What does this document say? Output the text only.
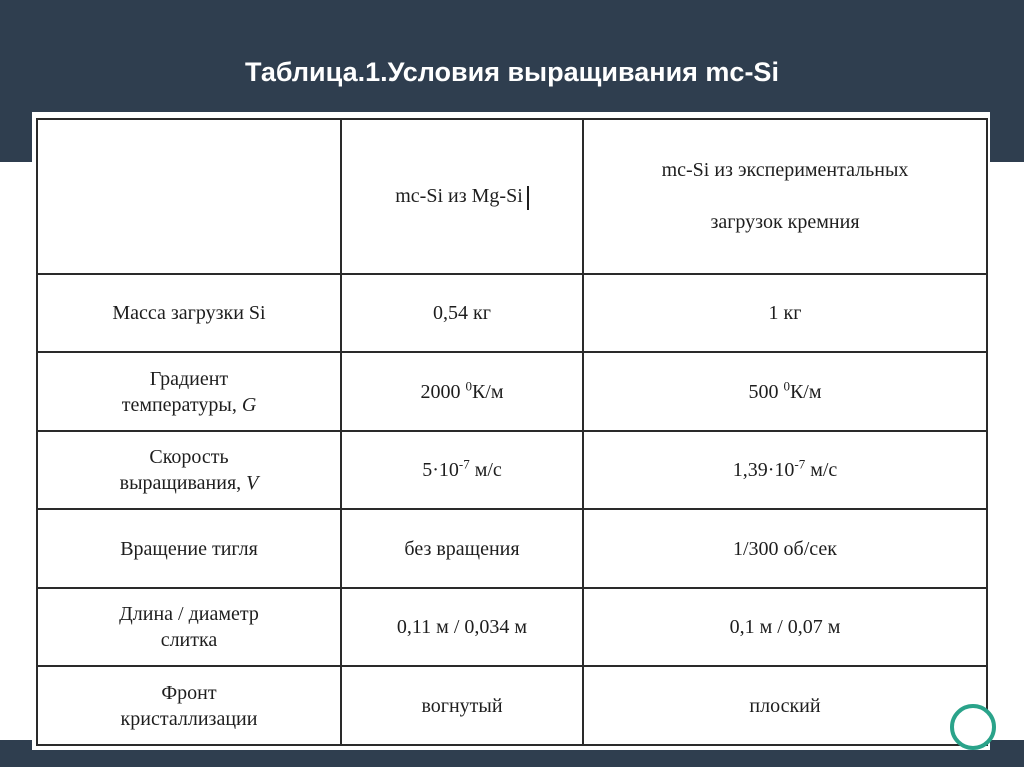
Таблица.1.Условия выращивания mc-Si
	mc-Si из Mg-Si	mc-Si из экспериментальных
загрузок кремния

Масса загрузки Si	0,54 кг	1 кг

Градиент
температуры, G	2000 $^0$К/м	500 $^0$К/м

Скорость
выращивания, V	$5\cdot 10^{-7}$ м/с	$1,39\cdot 10^{-7}$ м/с
Вращение тигля	без вращения	1/300 об/сек

Длина / диаметр
слитка	0,11 м / 0,034 м	0,1 м / 0,07 м

Фронт
кристаллизации	вогнутый	плоский
